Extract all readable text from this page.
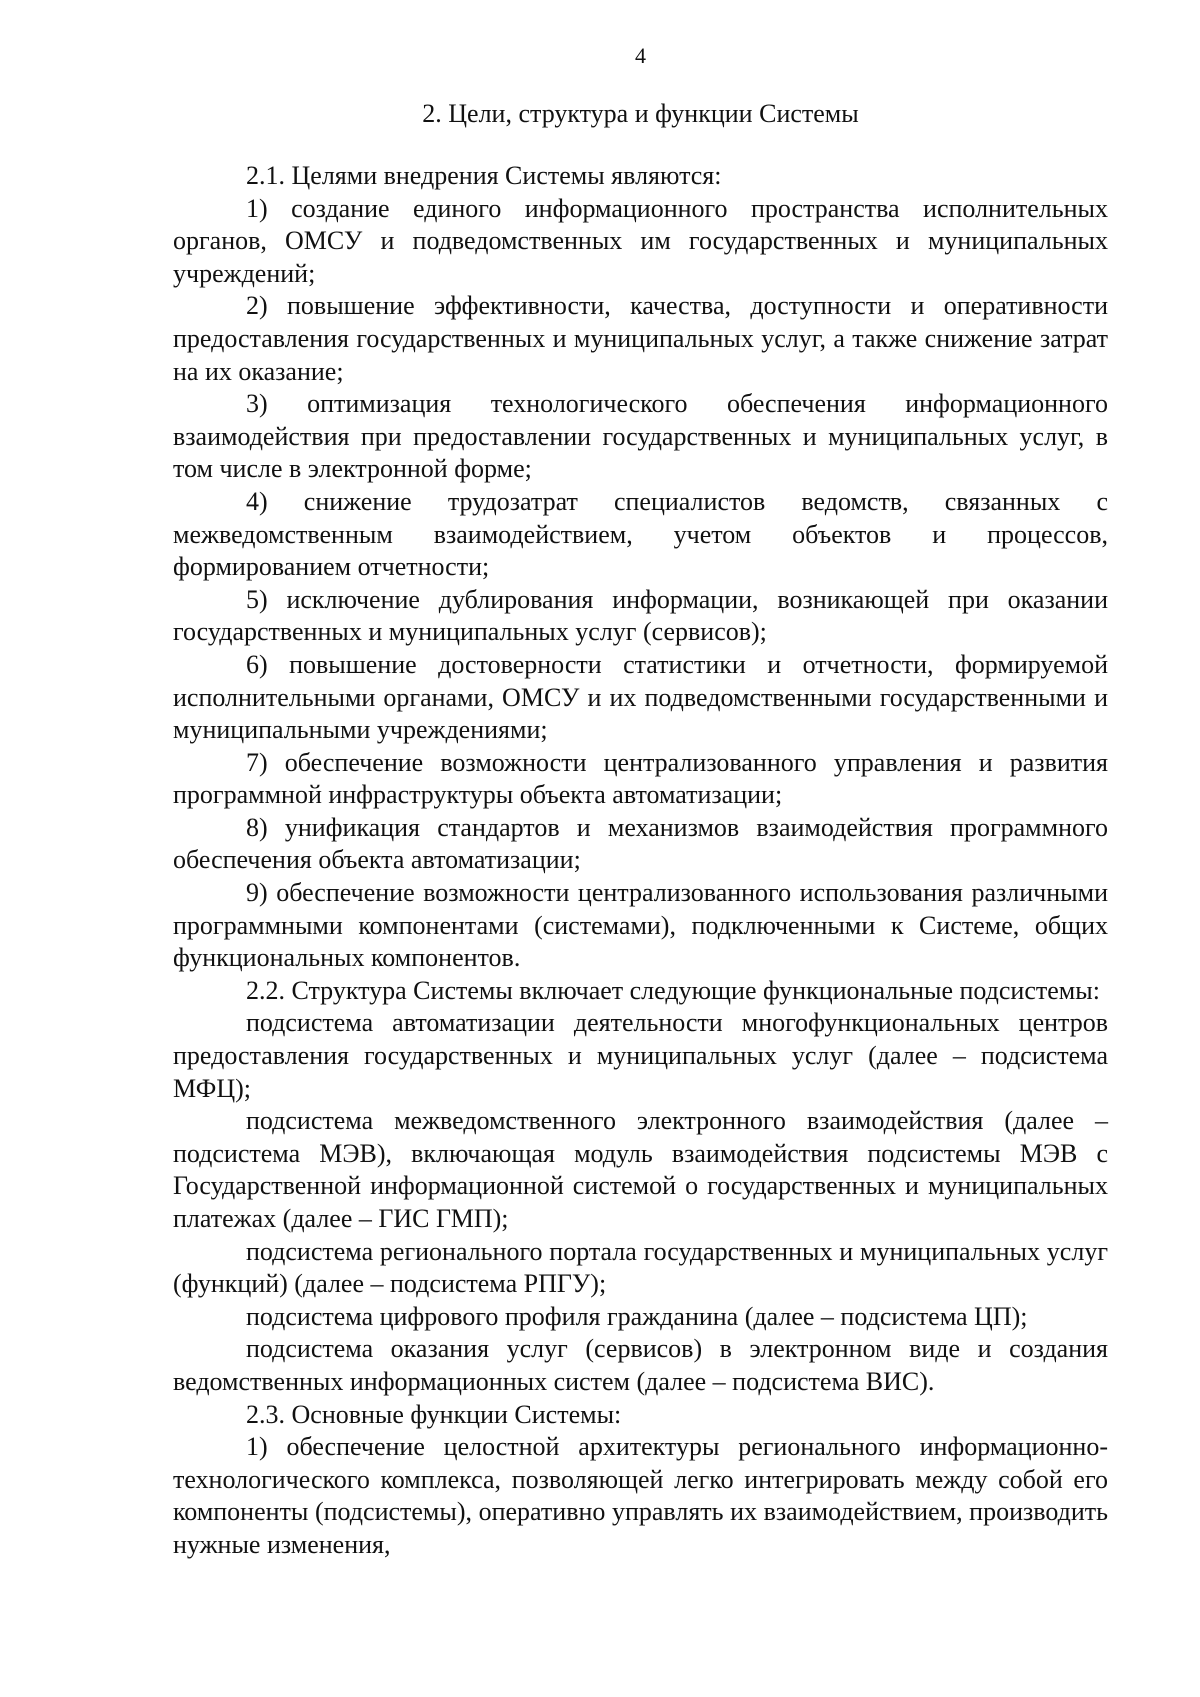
4
2. Цели, структура и функции Системы

2.1. Целями внедрения Системы являются:

1) создание единого информационного пространства исполнительных органов, ОМСУ и подведомственных им государственных и муниципальных учреждений;

2) повышение эффективности, качества, доступности и оперативности предоставления государственных и муниципальных услуг, а также снижение затрат на их оказание;

3) оптимизация технологического обеспечения информационного взаимодействия при предоставлении государственных и муниципальных услуг, в том числе в электронной форме;

4) снижение трудозатрат специалистов ведомств, связанных с межведомственным взаимодействием, учетом объектов и процессов, формированием отчетности;

5) исключение дублирования информации, возникающей при оказании государственных и муниципальных услуг (сервисов);

6) повышение достоверности статистики и отчетности, формируемой исполнительными органами, ОМСУ и их подведомственными государственными и муниципальными учреждениями;

7) обеспечение возможности централизованного управления и развития программной инфраструктуры объекта автоматизации;

8) унификация стандартов и механизмов взаимодействия программного обеспечения объекта автоматизации;

9) обеспечение возможности централизованного использования различными программными компонентами (системами), подключенными к Системе, общих функциональных компонентов.

2.2. Структура Системы включает следующие функциональные подсистемы:

подсистема автоматизации деятельности многофункциональных центров предоставления государственных и муниципальных услуг (далее – подсистема МФЦ);

подсистема межведомственного электронного взаимодействия (далее – подсистема МЭВ), включающая модуль взаимодействия подсистемы МЭВ с Государственной информационной системой о государственных и муниципальных платежах (далее – ГИС ГМП);

подсистема регионального портала государственных и муниципальных услуг (функций) (далее – подсистема РПГУ);

подсистема цифрового профиля гражданина (далее – подсистема ЦП);

подсистема оказания услуг (сервисов) в электронном виде и создания ведомственных информационных систем (далее – подсистема ВИС).

2.3. Основные функции Системы:

1) обеспечение целостной архитектуры регионального информационно-технологического комплекса, позволяющей легко интегрировать между собой его компоненты (подсистемы), оперативно управлять их взаимодействием, производить нужные изменения,
